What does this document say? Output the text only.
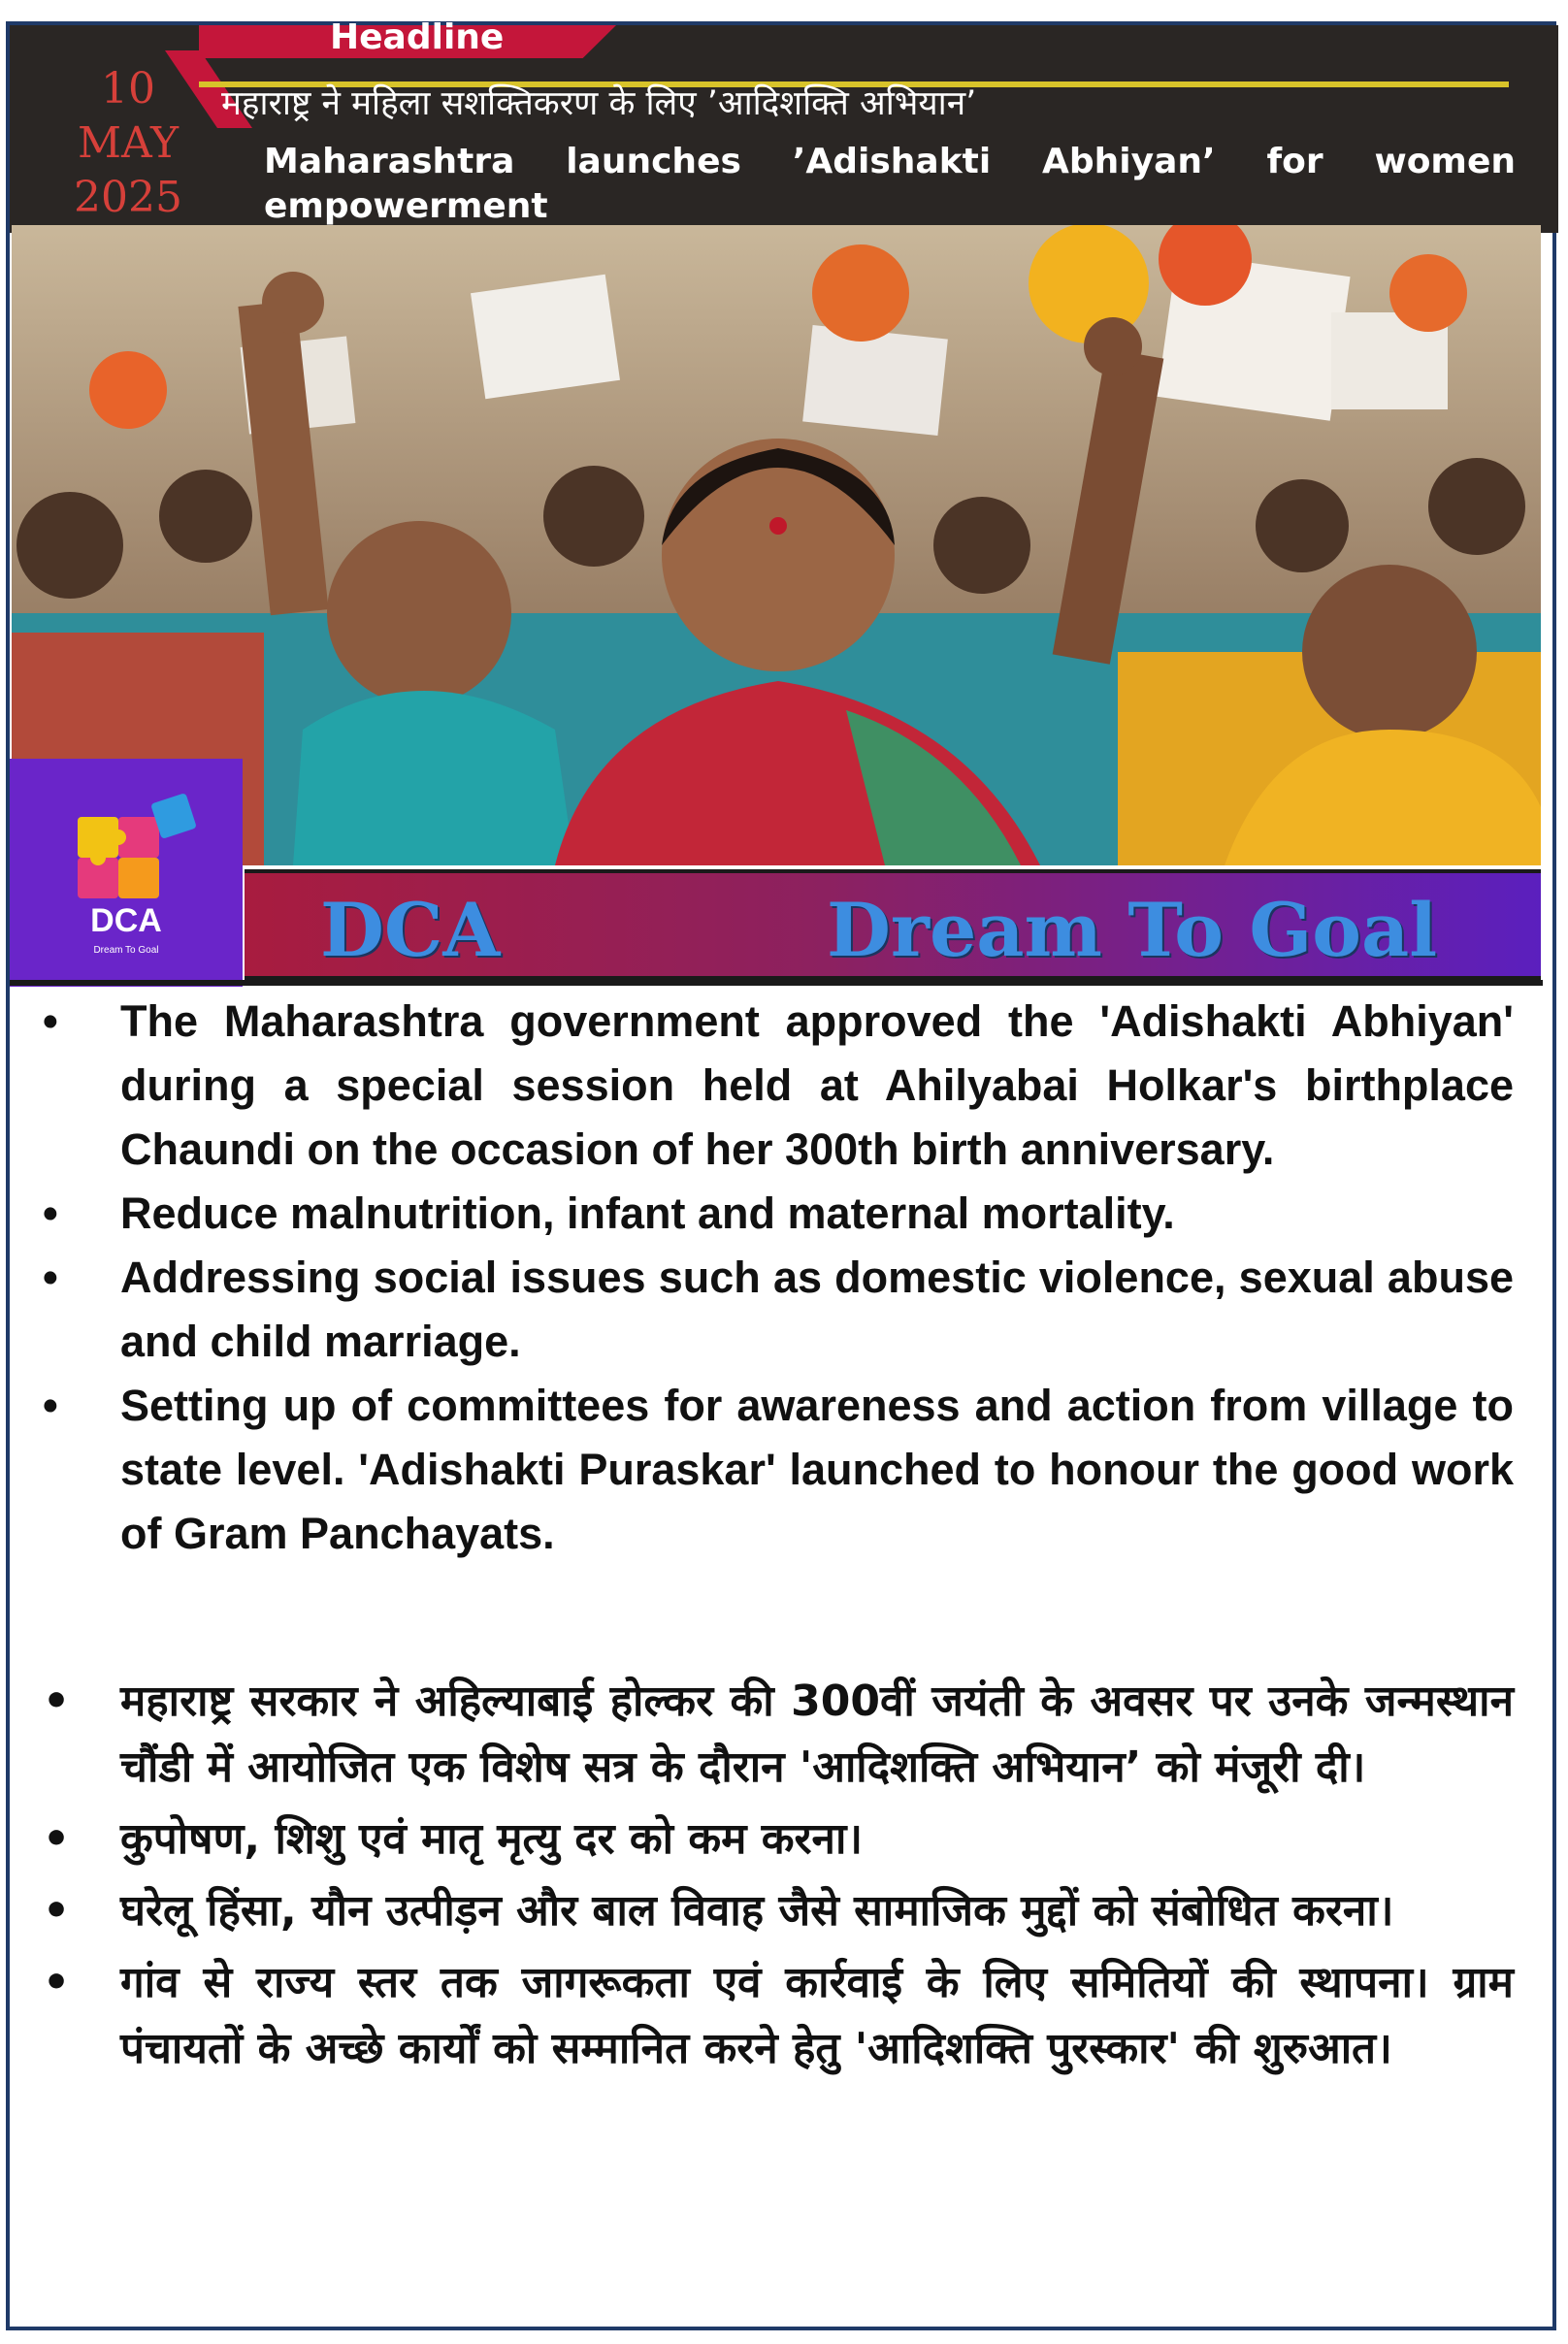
Headline
10
MAY
2025
महाराष्ट्र ने महिला सशक्तिकरण के लिए ’आदिशक्ति अभियान’
Maharashtra launches ’Adishakti Abhiyan’ for women
empowerment
DCA
Dream To Goal	DCA	Dream To Goal
• The Maharashtra government approved the 'Adishakti Abhiyan' during a special session held at Ahilyabai Holkar's birthplace Chaundi on the occasion of her 300th birth anniversary.
• Reduce malnutrition, infant and maternal mortality.
• Addressing social issues such as domestic violence, sexual abuse and child marriage.
• Setting up of committees for awareness and action from village to state level. 'Adishakti Puraskar' launched to honour the good work of Gram Panchayats.
• महाराष्ट्र सरकार ने अहिल्याबाई होल्कर की 300वीं जयंती के अवसर पर उनके जन्मस्थान चौंडी में आयोजित एक विशेष सत्र के दौरान 'आदिशक्ति अभियान’ को मंजूरी दी।
• कुपोषण, शिशु एवं मातृ मृत्यु दर को कम करना।
• घरेलू हिंसा, यौन उत्पीड़न और बाल विवाह जैसे सामाजिक मुद्दों को संबोधित करना।
• गांव से राज्य स्तर तक जागरूकता एवं कार्रवाई के लिए समितियों की स्थापना। ग्राम पंचायतों के अच्छे कार्यों को सम्मानित करने हेतु 'आदिशक्ति पुरस्कार' की शुरुआत।
